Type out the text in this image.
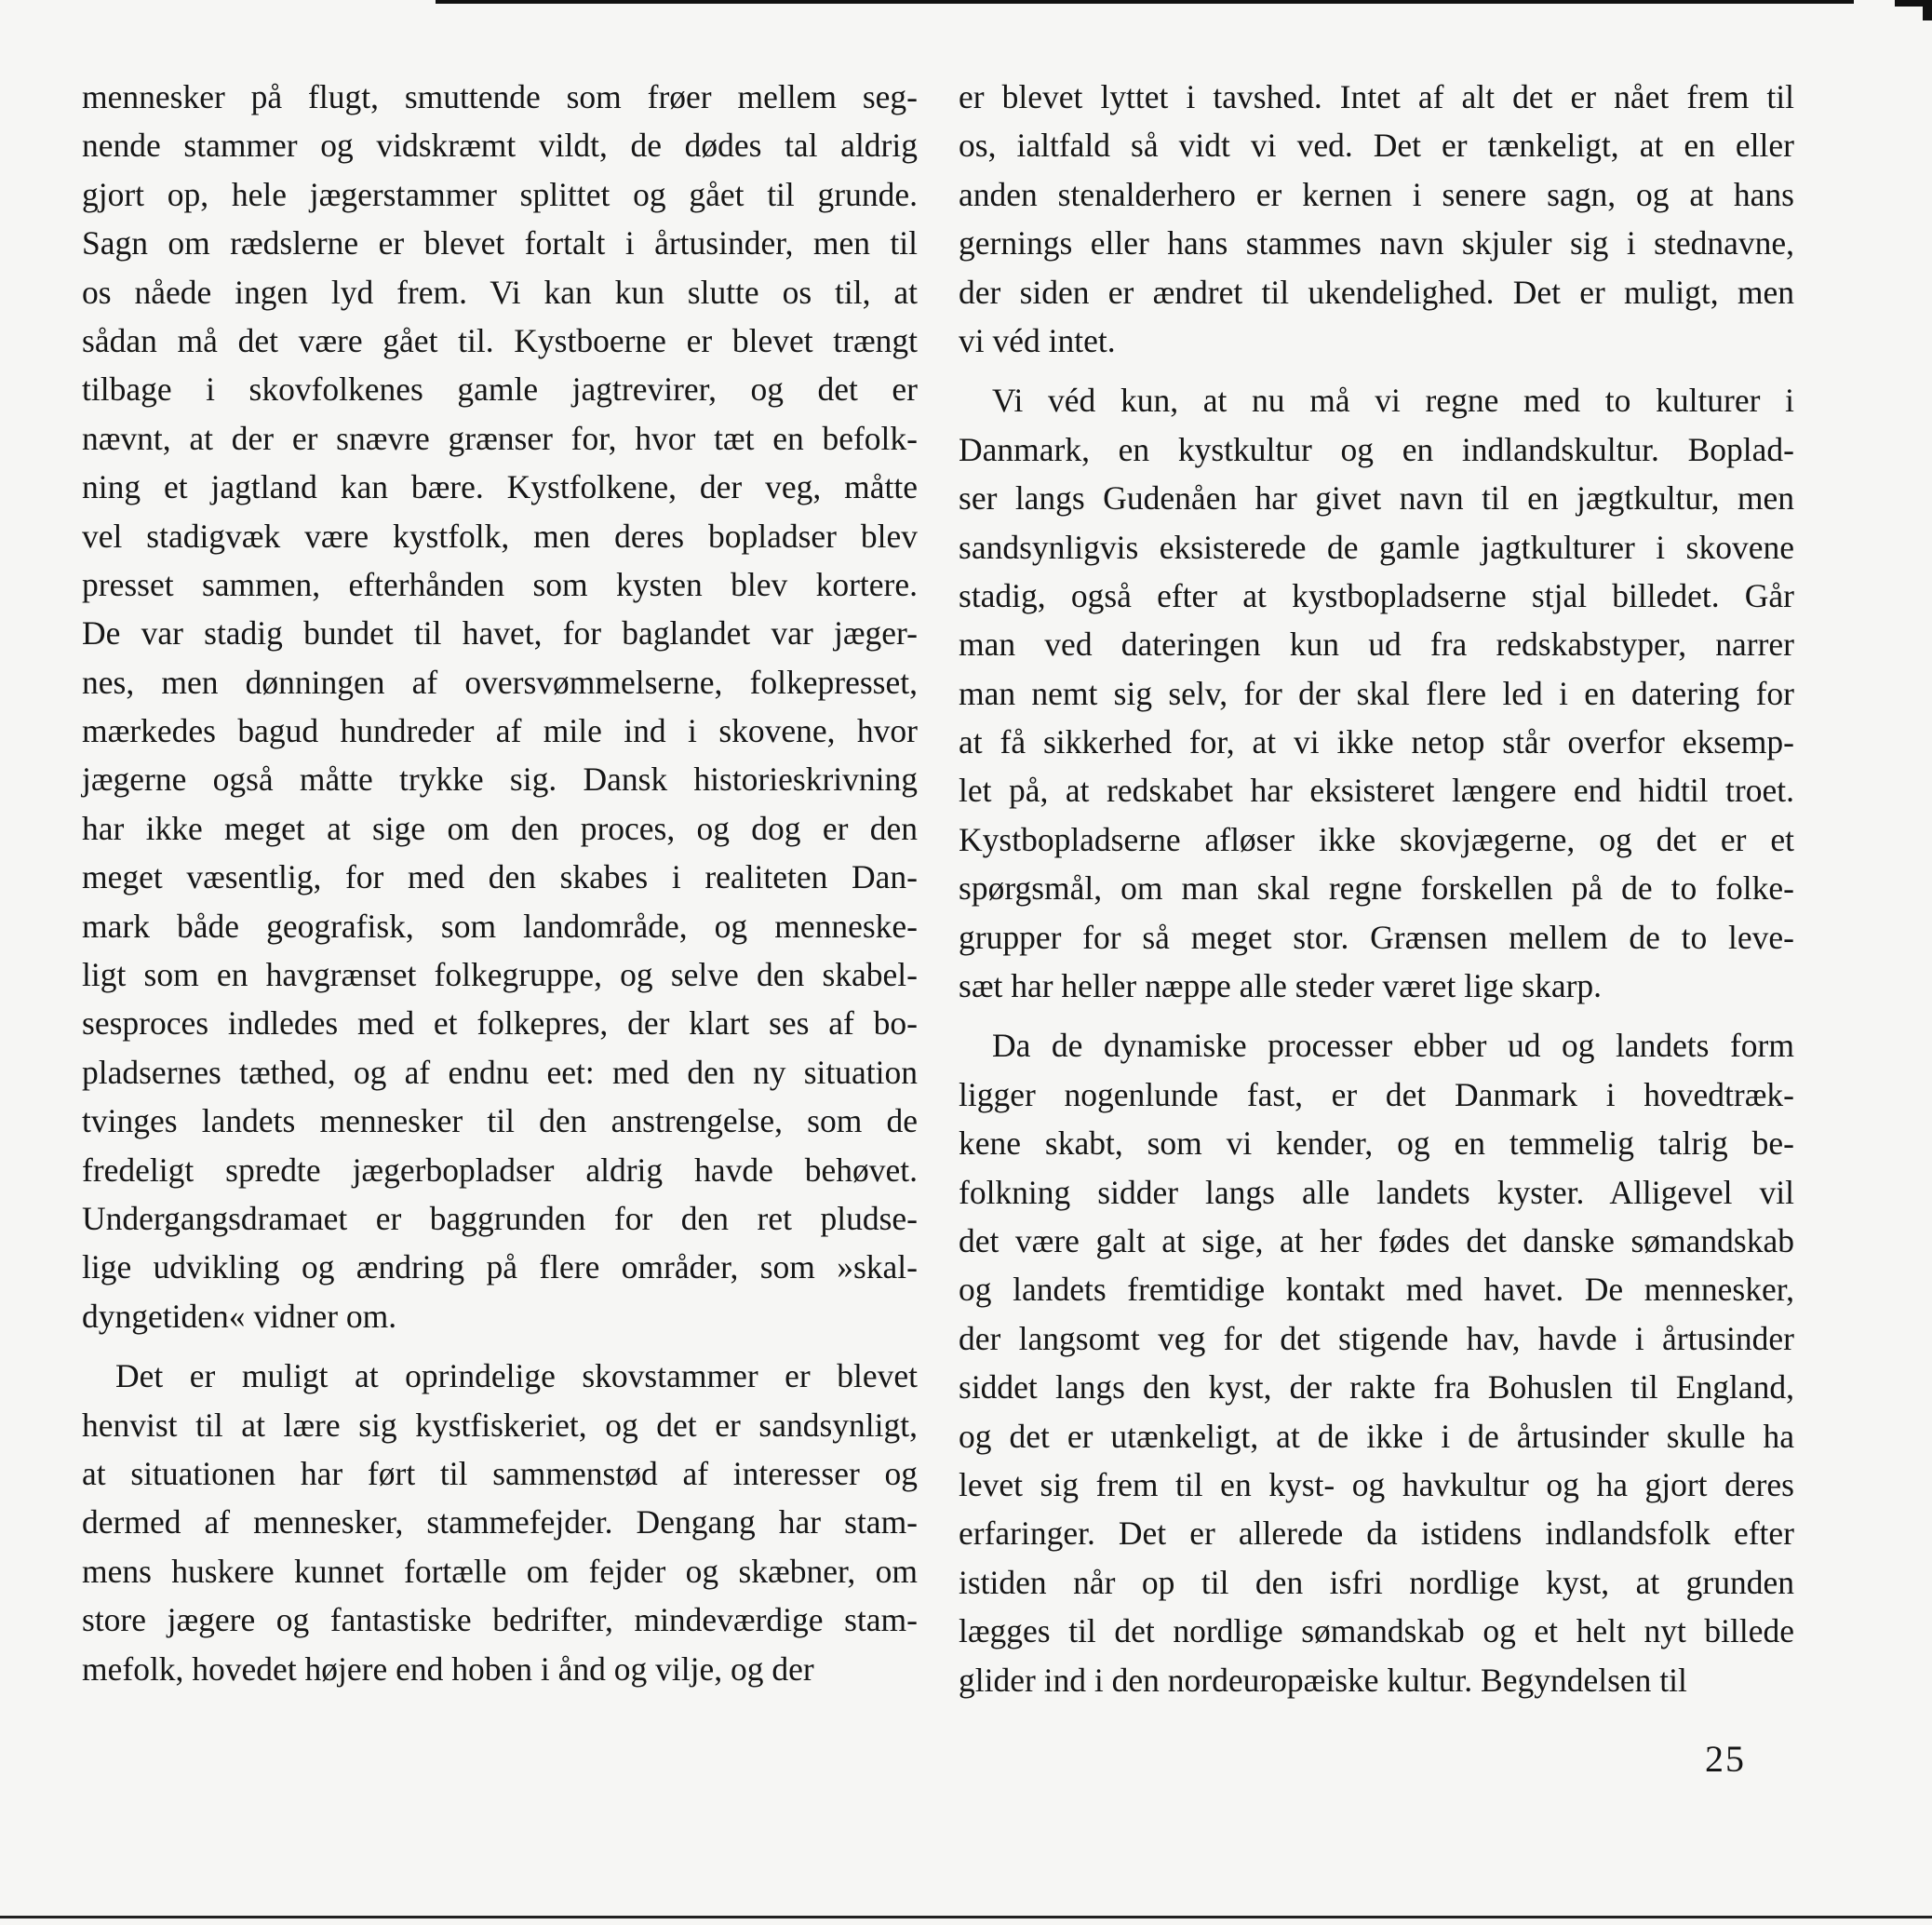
mennesker på flugt, smuttende som frøer mellem seg-
nende stammer og vidskræmt vildt, de dødes tal aldrig
gjort op, hele jægerstammer splittet og gået til grunde.
Sagn om rædslerne er blevet fortalt i årtusinder, men til
os nåede ingen lyd frem. Vi kan kun slutte os til, at
sådan må det være gået til. Kystboerne er blevet trængt
tilbage i skovfolkenes gamle jagtrevirer, og det er
nævnt, at der er snævre grænser for, hvor tæt en befolk-
ning et jagtland kan bære. Kystfolkene, der veg, måtte
vel stadigvæk være kystfolk, men deres bopladser blev
presset sammen, efterhånden som kysten blev kortere.
De var stadig bundet til havet, for baglandet var jæger-
nes, men dønningen af oversvømmelserne, folkepresset,
mærkedes bagud hundreder af mile ind i skovene, hvor
jægerne også måtte trykke sig. Dansk historieskrivning
har ikke meget at sige om den proces, og dog er den
meget væsentlig, for med den skabes i realiteten Dan-
mark både geografisk, som landområde, og menneske-
ligt som en havgrænset folkegruppe, og selve den skabel-
sesproces indledes med et folkepres, der klart ses af bo-
pladsernes tæthed, og af endnu eet: med den ny situation
tvinges landets mennesker til den anstrengelse, som de
fredeligt spredte jægerbopladser aldrig havde behøvet.
Undergangsdramaet er baggrunden for den ret pludse-
lige udvikling og ændring på flere områder, som »skal-
dyngetiden« vidner om.
Det er muligt at oprindelige skovstammer er blevet
henvist til at lære sig kystfiskeriet, og det er sandsynligt,
at situationen har ført til sammenstød af interesser og
dermed af mennesker, stammefejder. Dengang har stam-
mens huskere kunnet fortælle om fejder og skæbner, om
store jægere og fantastiske bedrifter, mindeværdige stam-
mefolk, hovedet højere end hoben i ånd og vilje, og der
er blevet lyttet i tavshed. Intet af alt det er nået frem til
os, ialtfald så vidt vi ved. Det er tænkeligt, at en eller
anden stenalderhero er kernen i senere sagn, og at hans
gernings eller hans stammes navn skjuler sig i stednavne,
der siden er ændret til ukendelighed. Det er muligt, men
vi véd intet.
Vi véd kun, at nu må vi regne med to kulturer i
Danmark, en kystkultur og en indlandskultur. Boplad-
ser langs Gudenåen har givet navn til en jægtkultur, men
sandsynligvis eksisterede de gamle jagtkulturer i skovene
stadig, også efter at kystbopladserne stjal billedet. Går
man ved dateringen kun ud fra redskabstyper, narrer
man nemt sig selv, for der skal flere led i en datering for
at få sikkerhed for, at vi ikke netop står overfor eksemp-
let på, at redskabet har eksisteret længere end hidtil troet.
Kystbopladserne afløser ikke skovjægerne, og det er et
spørgsmål, om man skal regne forskellen på de to folke-
grupper for så meget stor. Grænsen mellem de to leve-
sæt har heller næppe alle steder været lige skarp.
Da de dynamiske processer ebber ud og landets form
ligger nogenlunde fast, er det Danmark i hovedtræk-
kene skabt, som vi kender, og en temmelig talrig be-
folkning sidder langs alle landets kyster. Alligevel vil
det være galt at sige, at her fødes det danske sømandskab
og landets fremtidige kontakt med havet. De mennesker,
der langsomt veg for det stigende hav, havde i årtusinder
siddet langs den kyst, der rakte fra Bohuslen til England,
og det er utænkeligt, at de ikke i de årtusinder skulle ha
levet sig frem til en kyst- og havkultur og ha gjort deres
erfaringer. Det er allerede da istidens indlandsfolk efter
istiden når op til den isfri nordlige kyst, at grunden
lægges til det nordlige sømandskab og et helt nyt billede
glider ind i den nordeuropæiske kultur. Begyndelsen til
25
